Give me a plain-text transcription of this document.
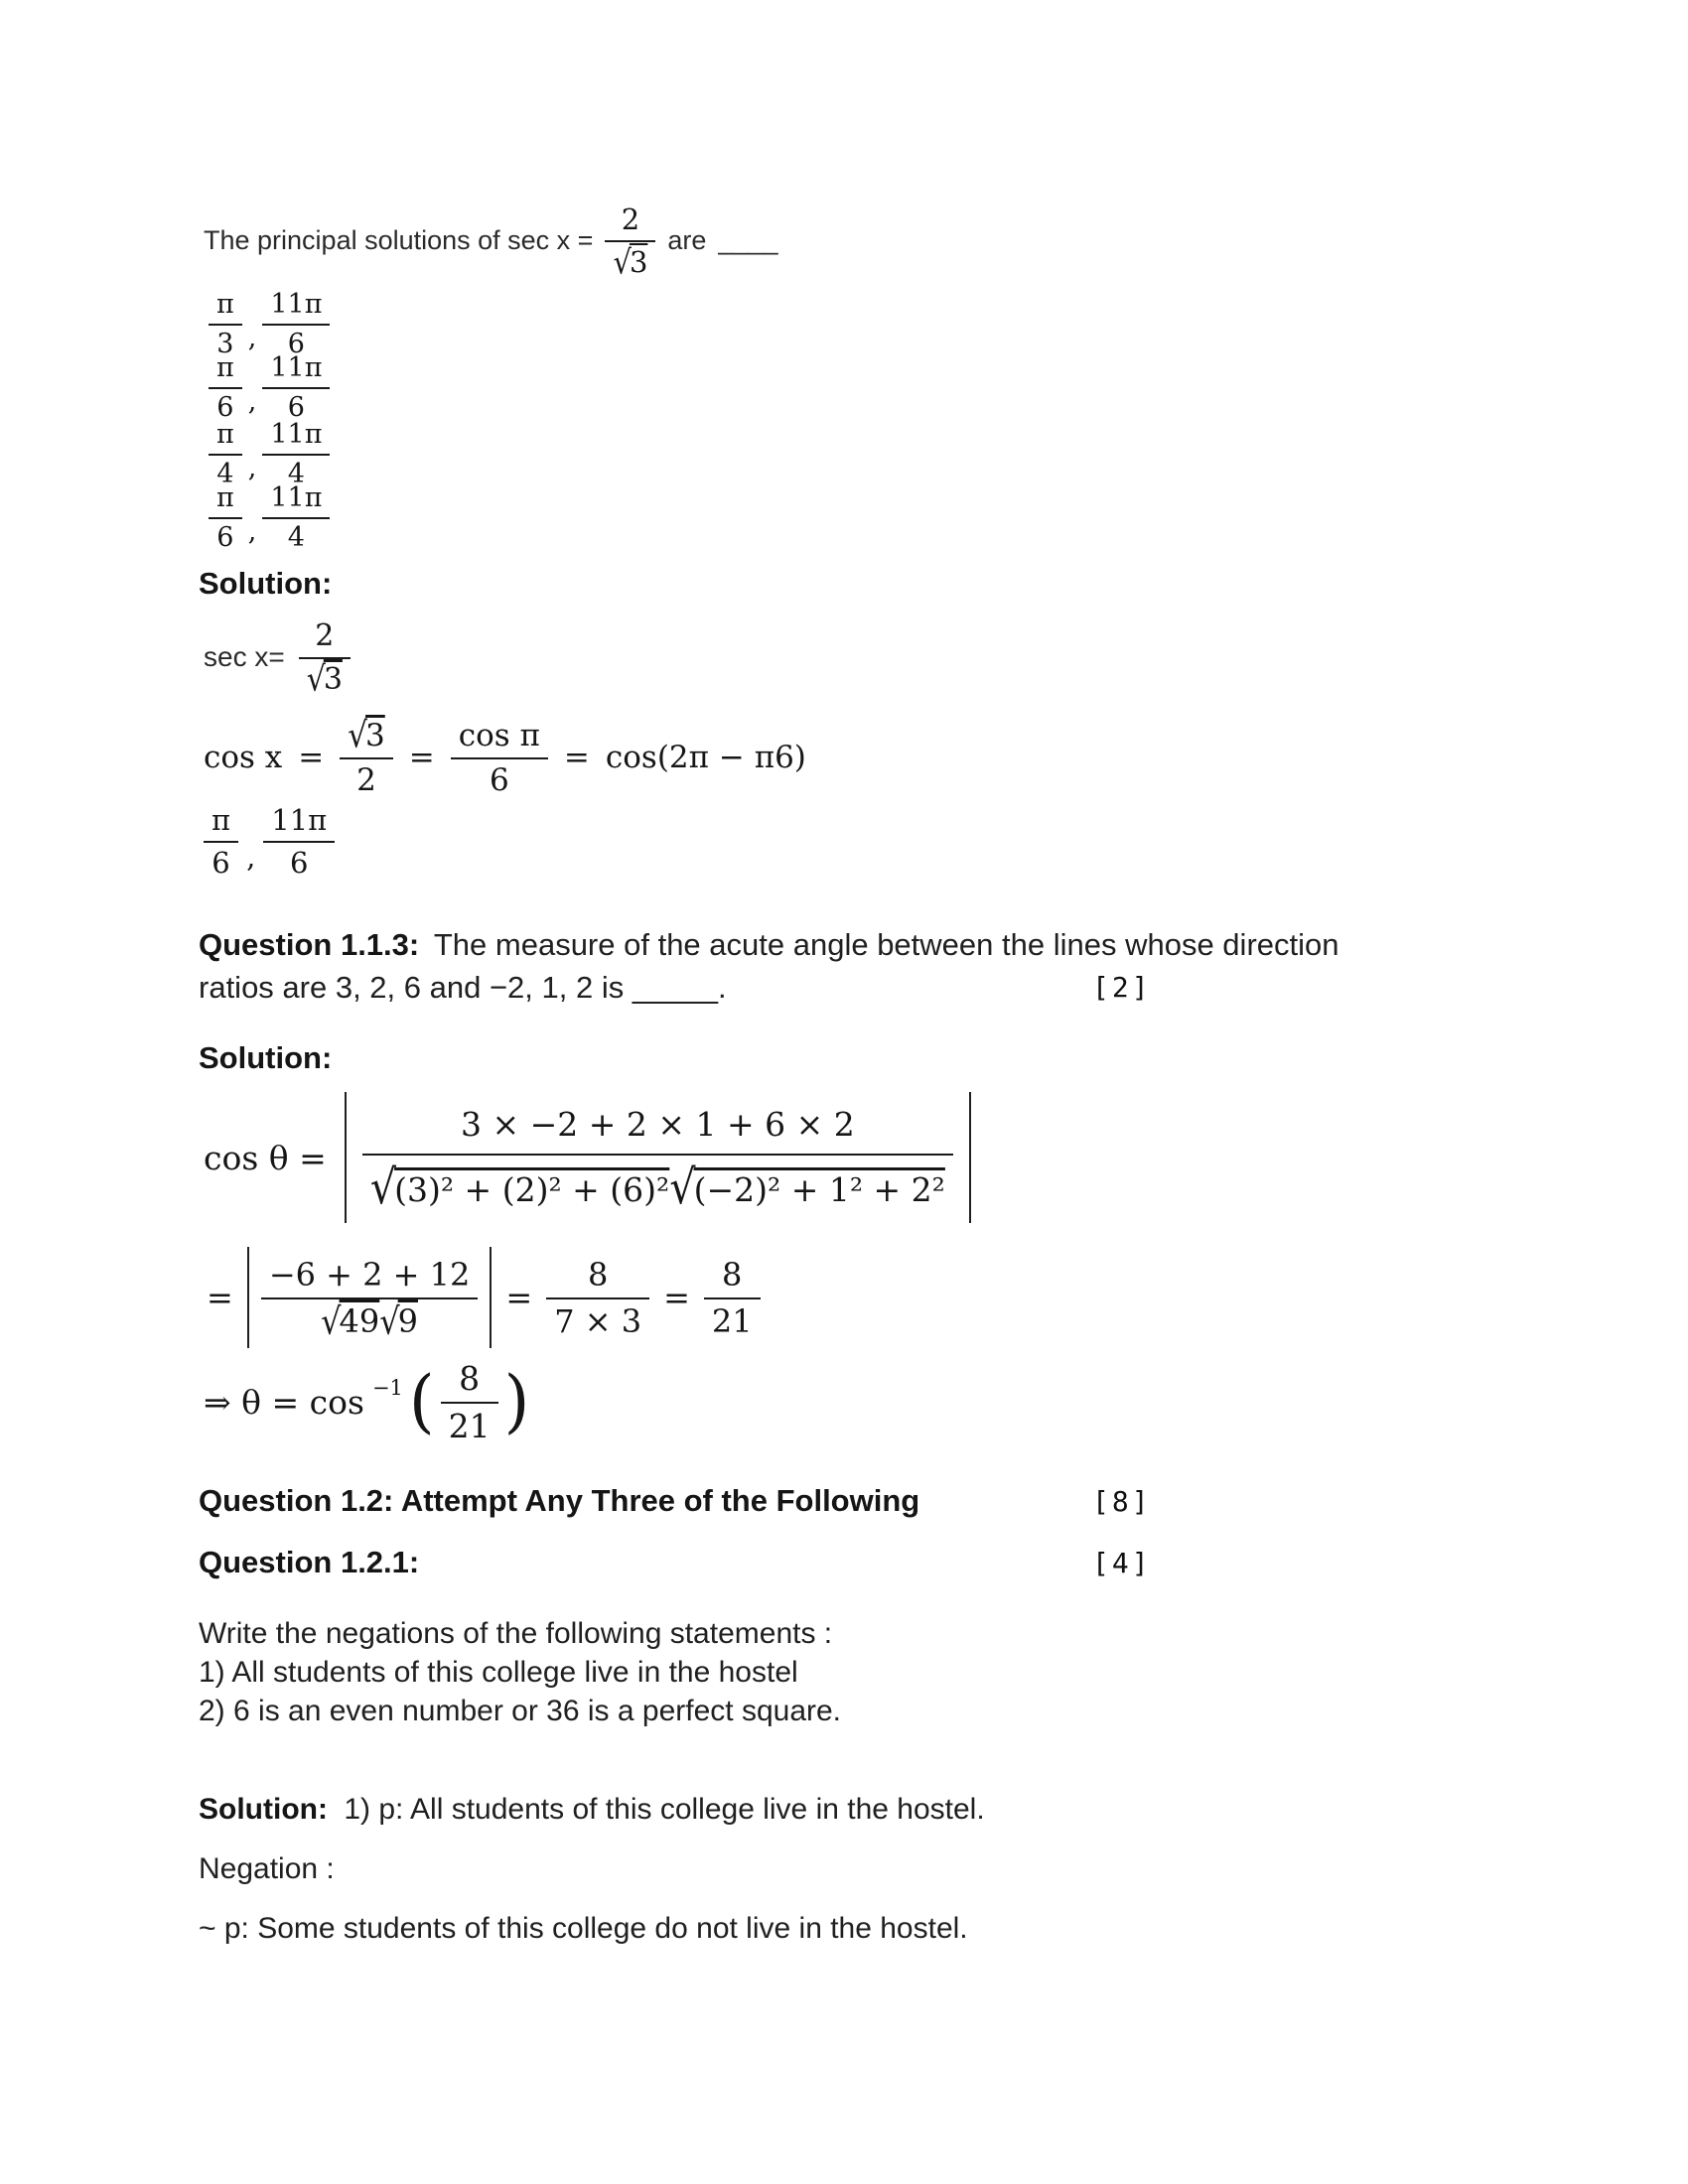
The principal solutions of $\sec x = \frac{2}{√3}$ are ____
$\frac{\pi}{3}$ , $\frac{11\pi}{6}$
$\frac{\pi}{6}$ , $\frac{11\pi}{6}$
$\frac{\pi}{4}$ , $\frac{11\pi}{4}$
$\frac{\pi}{6}$ , $\frac{11\pi}{4}$
Solution:
$\sec x= \frac{2}{√3}$
$\cos x = \frac{√3}{2} = \frac{\text{cos π}}{6} = \cos(2\pi - \pi 6)$
$\frac{\pi}{6}$ , $\frac{11\pi}{6}$
Question 1.1.3: The measure of the acute angle between the lines whose direction ratios are 3, 2, 6 and −2, 1, 2 is _____.	[2]
Solution:
$\cos \theta = \frac{3 \times -2 + 2 \times 1 + 6 \times 2}{\text{√(3)² + (2)² + (6)²√(−2)² + 1² + 2²}}$
= $\frac{-6 + 2 + 12}{√49√9} = \frac{8}{7 \times 3} = \frac{8}{21}$
⇒ θ = cos −1 ( $\frac{8}{21}$ )
Question 1.2: Attempt Any Three of the Following	[8]
Question 1.2.1:	[4]
Write the negations of the following statements :
1) All students of this college live in the hostel
2) 6 is an even number or 36 is a perfect square.
Solution: 1) p: All students of this college live in the hostel.
Negation :
~ p: Some students of this college do not live in the hostel.
